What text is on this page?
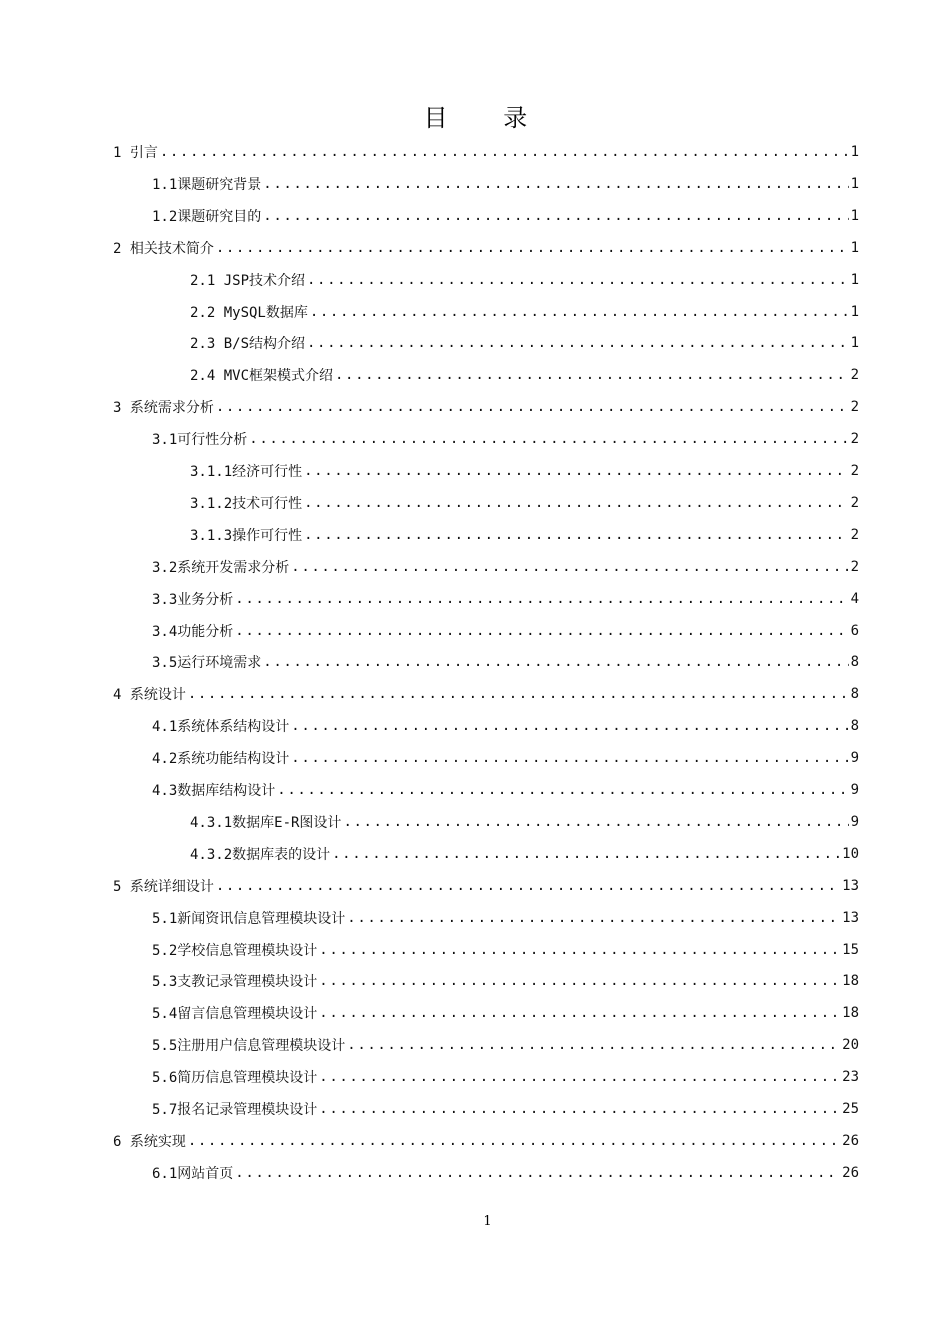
目 录
1 引言 .....	1
1.1课题研究背景 .....	1
1.2课题研究目的 .....	1
2 相关技术简介 .....	1
2.1 JSP技术介绍 .....	1
2.2 MySQL数据库 .....	1
2.3 B/S结构介绍 .....	1
2.4 MVC框架模式介绍 .....	2
3 系统需求分析 .....	2
3.1可行性分析 .....	2
3.1.1经济可行性 .....	2
3.1.2技术可行性 .....	2
3.1.3操作可行性 .....	2
3.2系统开发需求分析 .....	2
3.3业务分析 .....	4
3.4功能分析 .....	6
3.5运行环境需求 .....	8
4 系统设计 .....	8
4.1系统体系结构设计 .....	8
4.2系统功能结构设计 .....	9
4.3数据库结构设计 .....	9
4.3.1数据库E-R图设计 .....	9
4.3.2数据库表的设计 .....	10
5 系统详细设计 .....	13
5.1新闻资讯信息管理模块设计 .....	13
5.2学校信息管理模块设计 .....	15
5.3支教记录管理模块设计 .....	18
5.4留言信息管理模块设计 .....	18
5.5注册用户信息管理模块设计 .....	20
5.6简历信息管理模块设计 .....	23
5.7报名记录管理模块设计 .....	25
6 系统实现 .....	26
6.1网站首页 .....	26
1
